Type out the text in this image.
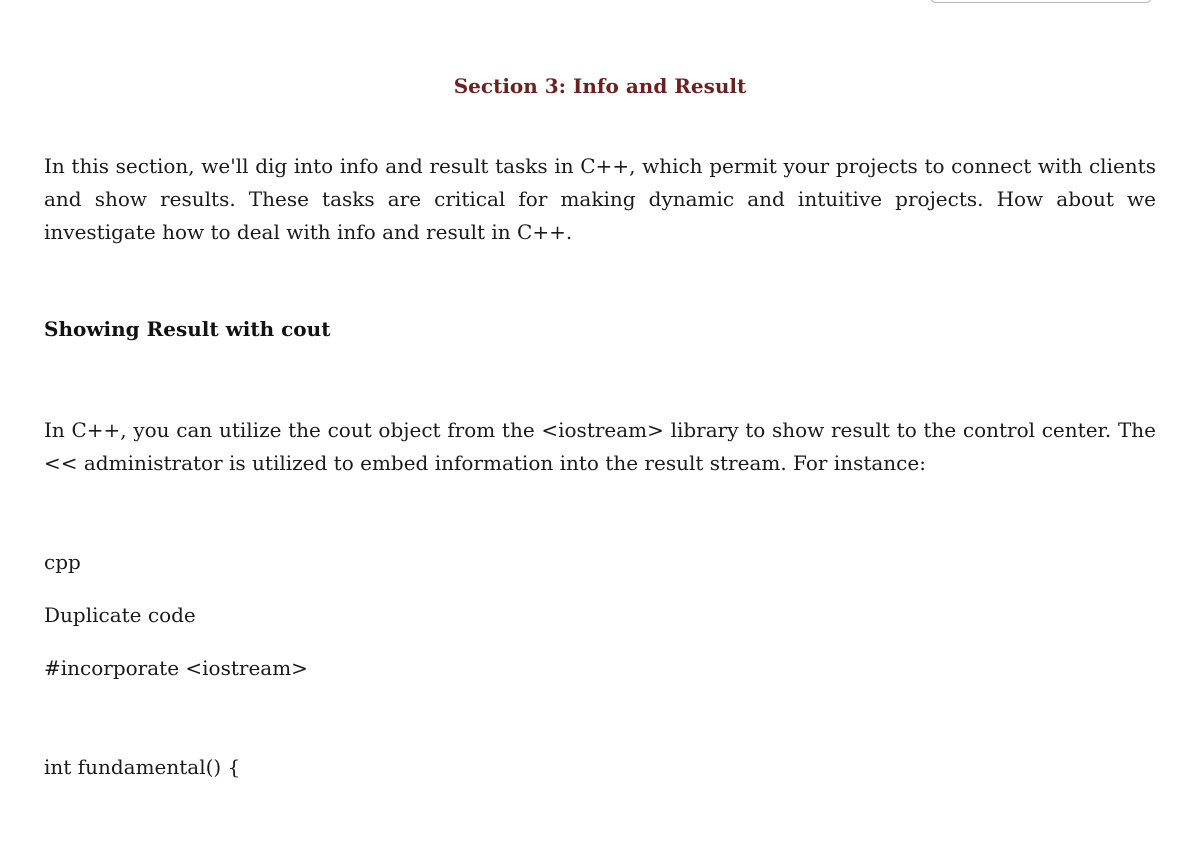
Section 3: Info and Result

In this section, we'll dig into info and result tasks in C++, which permit your projects to connect with clients and show results. These tasks are critical for making dynamic and intuitive projects. How about we investigate how to deal with info and result in C++.

Showing Result with cout

In C++, you can utilize the cout object from the <iostream> library to show result to the control center. The << administrator is utilized to embed information into the result stream. For instance:

cpp

Duplicate code

#incorporate <iostream>

int fundamental() {
